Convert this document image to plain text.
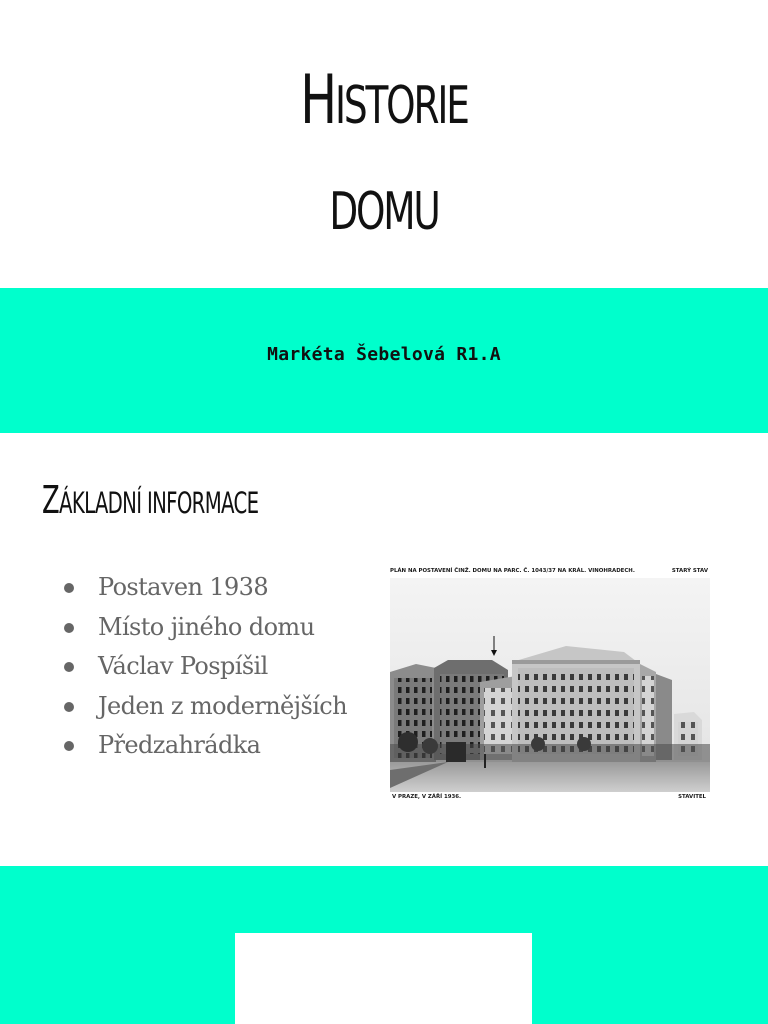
HISTORIE
DOMU
Markéta Šebelová R1.A
ZÁKLADNÍ INFORMACE
Postaven 1938
Místo jiného domu
Václav Pospíšil
Jeden z modernějších
Předzahrádka
PLÁN NA POSTAVENÍ ČINŽ. DOMU NA PARC. Č. 1043/37 NA KRÁL. VINOHRADECH.	STARÝ STAV
V PRAZE, V ZÁŘÍ 1936.	STAVITEL
